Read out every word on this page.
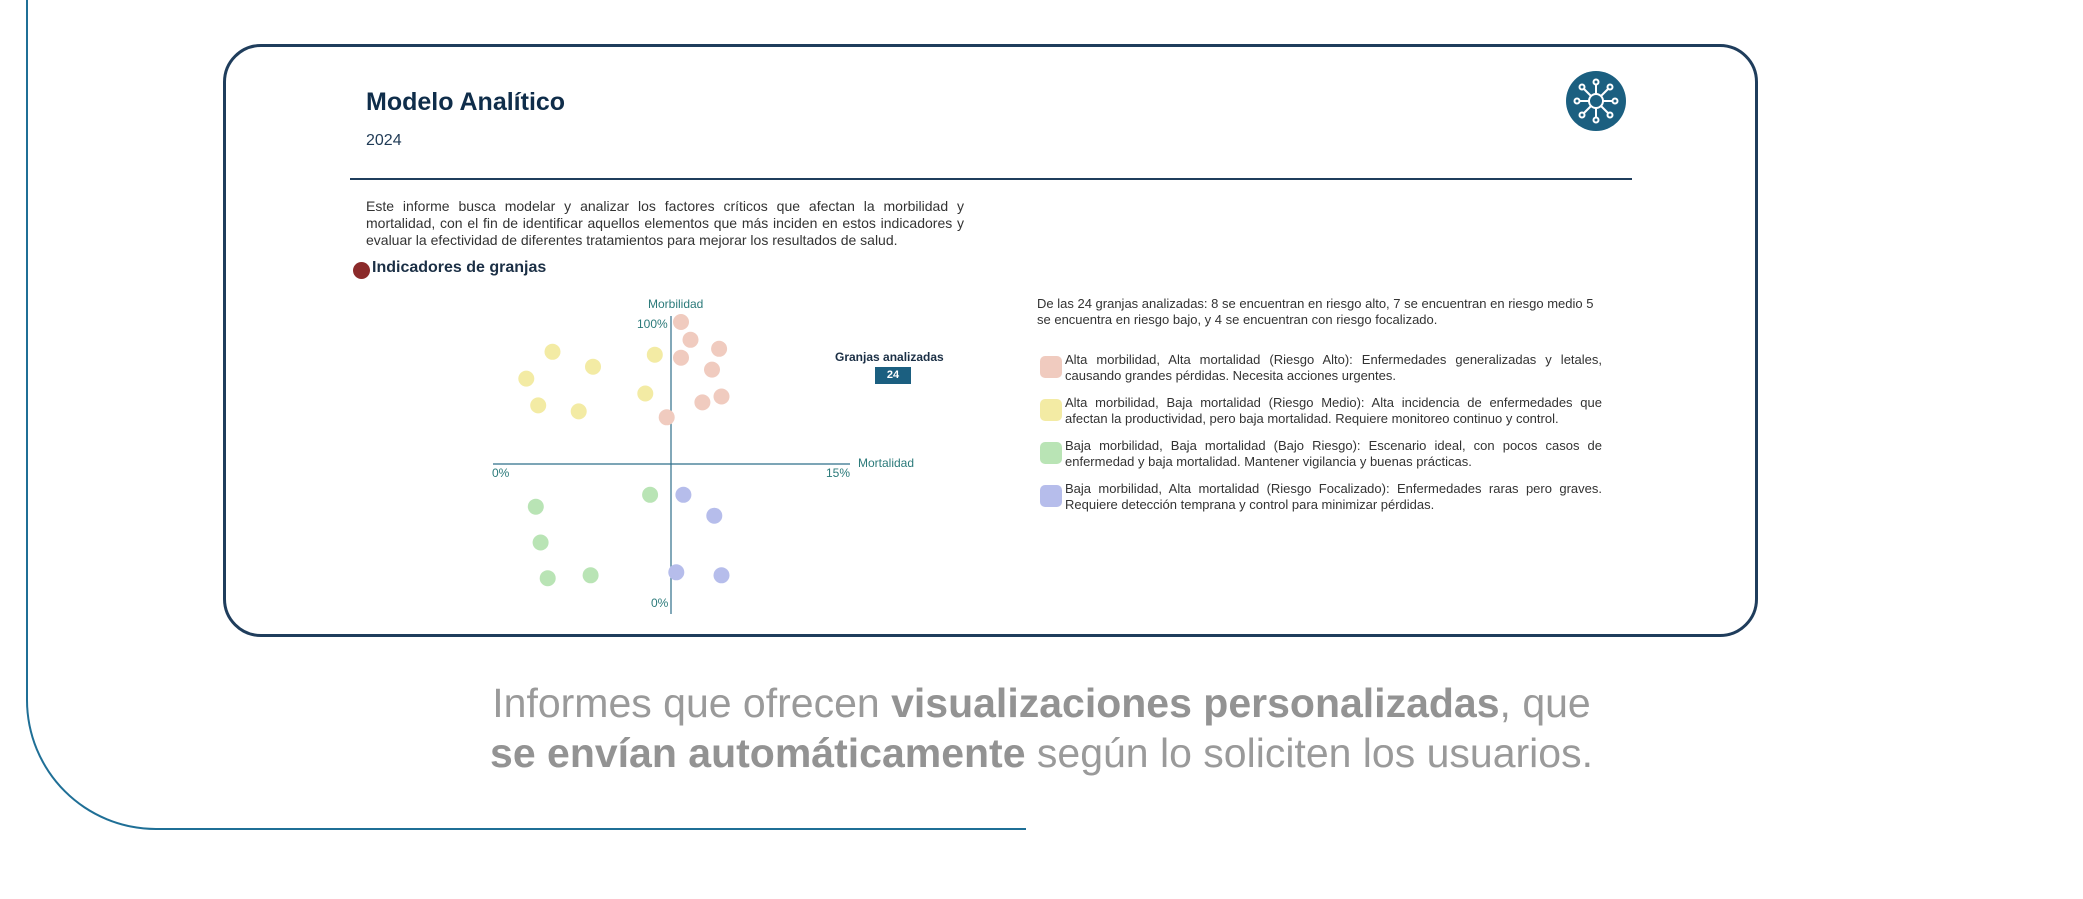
Modelo Analítico
2024
Este informe busca modelar y analizar los factores críticos que afectan la morbilidad y mortalidad, con el fin de identificar aquellos elementos que más inciden en estos indicadores y evaluar la efectividad de diferentes tratamientos para mejorar los resultados de salud.
Indicadores de granjas
Morbilidad
100%
0%
0%	15%
Mortalidad
Granjas analizadas
24
De las 24 granjas analizadas: 8 se encuentran en riesgo alto, 7 se encuentran en riesgo medio 5 se encuentra en riesgo bajo, y 4 se encuentran con riesgo focalizado.
Alta morbilidad, Alta mortalidad (Riesgo Alto): Enfermedades generalizadas y letales, causando grandes pérdidas. Necesita acciones urgentes.
Alta morbilidad, Baja mortalidad (Riesgo Medio): Alta incidencia de enfermedades que afectan la productividad, pero baja mortalidad. Requiere monitoreo continuo y control.
Baja morbilidad, Baja mortalidad (Bajo Riesgo): Escenario ideal, con pocos casos de enfermedad y baja mortalidad. Mantener vigilancia y buenas prácticas.
Baja morbilidad, Alta mortalidad (Riesgo Focalizado): Enfermedades raras pero graves. Requiere detección temprana y control para minimizar pérdidas.
Informes que ofrecen visualizaciones personalizadas, que
se envían automáticamente según lo soliciten los usuarios.
